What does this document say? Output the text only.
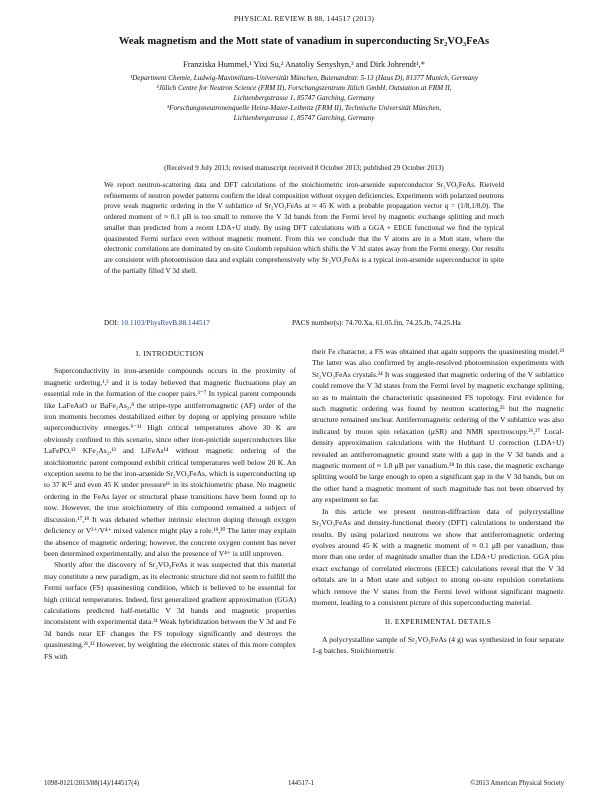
PHYSICAL REVIEW B 88, 144517 (2013)
Weak magnetism and the Mott state of vanadium in superconducting Sr₂VO₃FeAs
Franziska Hummel,¹ Yixi Su,² Anatoliy Senyshyn,³ and Dirk Johrendt¹,*
¹Department Chemie, Ludwig-Maximilians-Universität München, Butenandtstr. 5-13 (Haus D), 81377 Munich, Germany
²Jülich Centre for Neutron Science (FRM II), Forschungszentrum Jülich GmbH, Outstation at FRM II,
Lichtenbergstrasse 1, 85747 Garching, Germany
³Forschungsneutronenquelle Heinz-Maier-Leibnitz (FRM II), Technische Universität München,
Lichtenbergstrasse 1, 85747 Garching, Germany
(Received 9 July 2013; revised manuscript received 8 October 2013; published 29 October 2013)
We report neutron-scattering data and DFT calculations of the stoichiometric iron-arsenide superconductor Sr₂VO₃FeAs. Rietveld refinements of neutron powder patterns confirm the ideal composition without oxygen deficiencies. Experiments with polarized neutrons prove weak magnetic ordering in the V sublattice of Sr₂VO₃FeAs at ≈ 45 K with a probable propagation vector q = (1/8,1/8,0). The ordered moment of ≈ 0.1 μB is too small to remove the V 3d bands from the Fermi level by magnetic exchange splitting and much smaller than predicted from a recent LDA+U study. By using DFT calculations with a GGA + EECE functional we find the typical quasinested Fermi surface even without magnetic moment. From this we conclude that the V atoms are in a Mott state, where the electronic correlations are dominated by on-site Coulomb repulsion which shifts the V 3d states away from the Fermi energy. Our results are consistent with photoemission data and explain comprehensively why Sr₂VO₃FeAs is a typical iron-arsenide superconductor in spite of the partially filled V 3d shell.
DOI: 10.1103/PhysRevB.88.144517	PACS number(s): 74.70.Xa, 61.05.fm, 74.25.Jb, 74.25.Ha
I. INTRODUCTION

Superconductivity in iron-arsenide compounds occurs in the proximity of magnetic ordering,¹,² and it is today believed that magnetic fluctuations play an essential role in the formation of the cooper pairs.³⁻⁷ In typical parent compounds like LaFeAsO or BaFe₂As₂,⁸ the stripe-type antiferromagnetic (AF) order of the iron moments becomes destabilized either by doping or applying pressure while superconductivity emerges.⁹⁻¹¹ High critical temperatures above 30 K are obviously confined to this scenario, since other iron-pnictide superconductors like LaFePO,¹² KFe₂As₂,¹³ and LiFeAs¹⁴ without magnetic ordering of the stoichiometric parent compound exhibit critical temperatures well below 20 K. An exception seems to be the iron-arsenide Sr₂VO₃FeAs, which is superconducting up to 37 K¹⁵ and even 45 K under pressure¹⁶ in its stoichiometric phase. No magnetic ordering in the FeAs layer or structural phase transitions have been found up to now. However, the true stoichiometry of this compound remained a subject of discussion.¹⁷,¹⁸ It was debated whether intrinsic electron doping through oxygen deficiency or V³⁺/V⁴⁺ mixed valence might play a role.¹⁹,²⁰ The latter may explain the absence of magnetic ordering; however, the concrete oxygen content has never been determined experimentally, and also the presence of V⁴⁺ is still unproven.

Shortly after the discovery of Sr₂VO₃FeAs it was suspected that this material may constitute a new paradigm, as its electronic structure did not seem to fulfill the Fermi surface (FS) quasinesting condition, which is believed to be essential for high critical temperatures. Indeed, first generalized gradient approximation (GGA) calculations predicted half-metallic V 3d bands and magnetic properties inconsistent with experimental data.²¹ Weak hybridization between the V 3d and Fe 3d bands near EF changes the FS topology significantly and destroys the quasinesting.²¹,²² However, by weighting the electronic states of this more complex FS with

their Fe character, a FS was obtained that again supports the quasinesting model.²³ The latter was also confirmed by angle-resolved photoemission experiments with Sr₂VO₃FeAs crystals.²⁴ It was suggested that magnetic ordering of the V sublattice could remove the V 3d states from the Fermi level by magnetic exchange splitting, so as to maintain the characteristic quasinested FS topology. First evidence for such magnetic ordering was found by neutron scattering,²⁵ but the magnetic structure remained unclear. Antiferromagnetic ordering of the V sublattice was also indicated by muon spin relaxation (μSR) and NMR spectroscopy.²⁶,²⁷ Local-density approximation calculations with the Hubbard U correction (LDA+U) revealed an antiferromagnetic ground state with a gap in the V 3d bands and a magnetic moment of ≈ 1.8 μB per vanadium.²⁸ In this case, the magnetic exchange splitting would be large enough to open a significant gap in the V 3d bands, but on the other hand a magnetic moment of such magnitude has not been observed by any experiment so far.

In this article we present neutron-diffraction data of polycrystalline Sr₂VO₃FeAs and density-functional theory (DFT) calculations to understand the results. By using polarized neutrons we show that antiferromagnetic ordering evolves around 45 K with a magnetic moment of ≈ 0.1 μB per vanadium, thus more than one order of magnitude smaller than the LDA+U prediction. GGA plus exact exchange of correlated electrons (EECE) calculations reveal that the V 3d orbitals are in a Mott state and subject to strong on-site repulsion correlations which remove the V states from the Fermi level without significant magnetic moment, leading to a consistent picture of this superconducting material.

II. EXPERIMENTAL DETAILS

A polycrystalline sample of Sr₂VO₃FeAs (4 g) was synthesized in four separate 1-g batches. Stoichiometric

1098-0121/2013/88(14)/144517(4)	144517-1	©2013 American Physical Society
